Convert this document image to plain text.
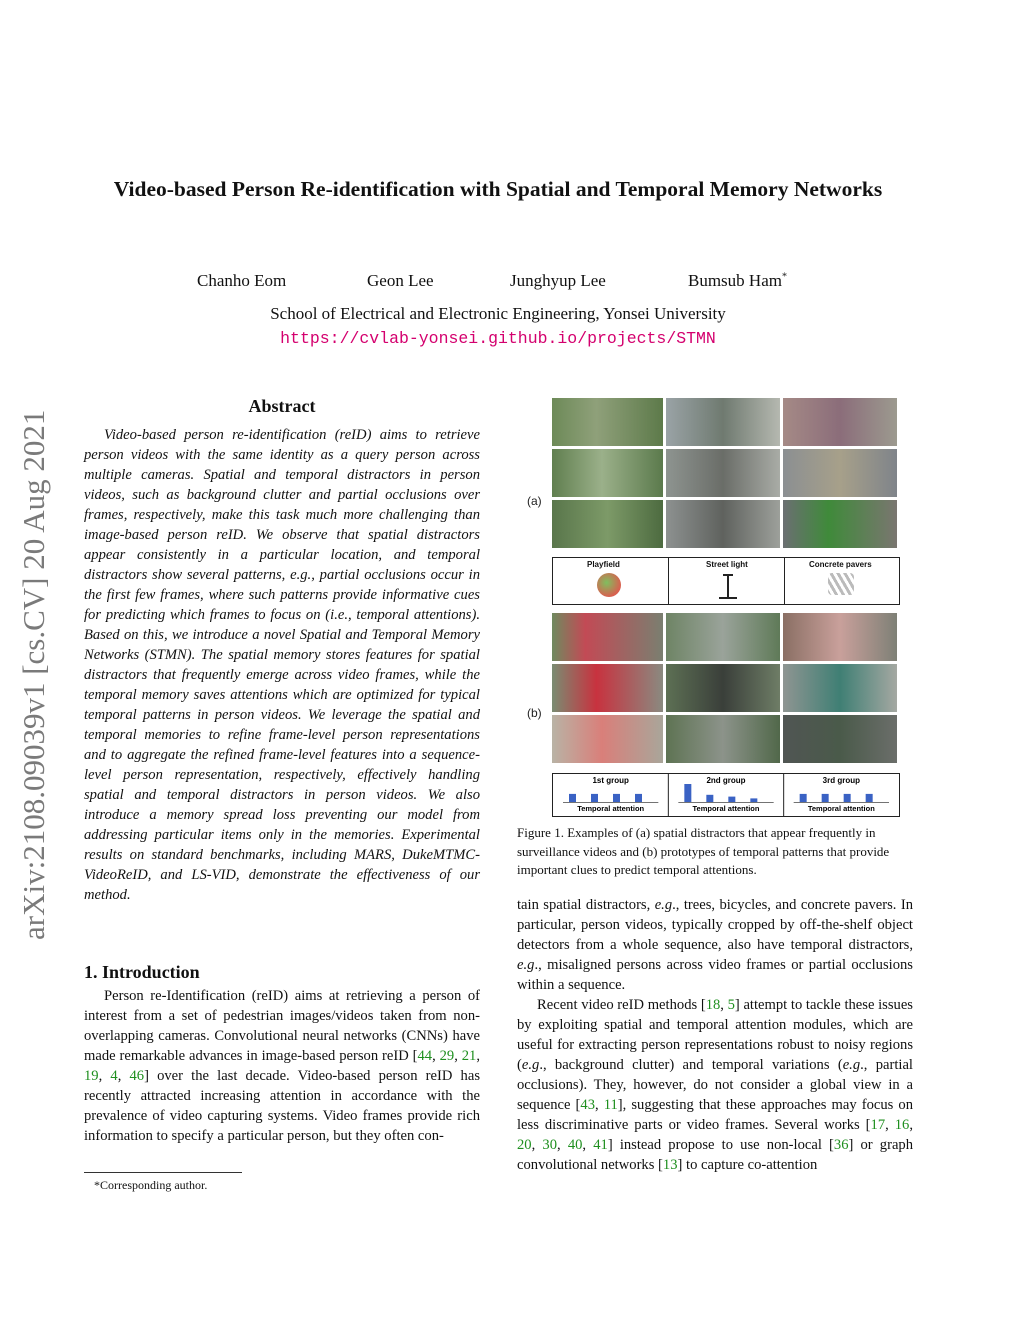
arXiv:2108.09039v1 [cs.CV] 20 Aug 2021
Video-based Person Re-identification with Spatial and Temporal Memory Networks
Chanho Eom	Geon Lee	Junghyup Lee	Bumsub Ham*
School of Electrical and Electronic Engineering, Yonsei University
https://cvlab-yonsei.github.io/projects/STMN
Abstract
Video-based person re-identification (reID) aims to retrieve person videos with the same identity as a query person across multiple cameras. Spatial and temporal distractors in person videos, such as background clutter and partial occlusions over frames, respectively, make this task much more challenging than image-based person reID. We observe that spatial distractors appear consistently in a particular location, and temporal distractors show several patterns, e.g., partial occlusions occur in the first few frames, where such patterns provide informative cues for predicting which frames to focus on (i.e., temporal attentions). Based on this, we introduce a novel Spatial and Temporal Memory Networks (STMN). The spatial memory stores features for spatial distractors that frequently emerge across video frames, while the temporal memory saves attentions which are optimized for typical temporal patterns in person videos. We leverage the spatial and temporal memories to refine frame-level person representations and to aggregate the refined frame-level features into a sequence-level person representation, respectively, effectively handling spatial and temporal distractors in person videos. We also introduce a memory spread loss preventing our model from addressing particular items only in the memories. Experimental results on standard benchmarks, including MARS, DukeMTMC-VideoReID, and LS-VID, demonstrate the effectiveness of our method.
1. Introduction
Person re-Identification (reID) aims at retrieving a person of interest from a set of pedestrian images/videos taken from non-overlapping cameras. Convolutional neural networks (CNNs) have made remarkable advances in image-based person reID [44, 29, 21, 19, 4, 46] over the last decade. Video-based person reID has recently attracted increasing attention in accordance with the prevalence of video capturing systems. Video frames provide rich information to specify a particular person, but they often con-
*Corresponding author.
(a)
Playfield	Street light	Concrete pavers
(b)
1st group
Temporal attention
2nd group
Temporal attention
3rd group
Temporal attention
Figure 1. Examples of (a) spatial distractors that appear frequently in surveillance videos and (b) prototypes of temporal patterns that provide important clues to predict temporal attentions.
tain spatial distractors, e.g., trees, bicycles, and concrete pavers. In particular, person videos, typically cropped by off-the-shelf object detectors from a whole sequence, also have temporal distractors, e.g., misaligned persons across video frames or partial occlusions within a sequence.
Recent video reID methods [18, 5] attempt to tackle these issues by exploiting spatial and temporal attention modules, which are useful for extracting person representations robust to noisy regions (e.g., background clutter) and temporal variations (e.g., partial occlusions). They, however, do not consider a global view in a sequence [43, 11], suggesting that these approaches may focus on less discriminative parts or video frames. Several works [17, 16, 20, 30, 40, 41] instead propose to use non-local [36] or graph convolutional networks [13] to capture co-attention
